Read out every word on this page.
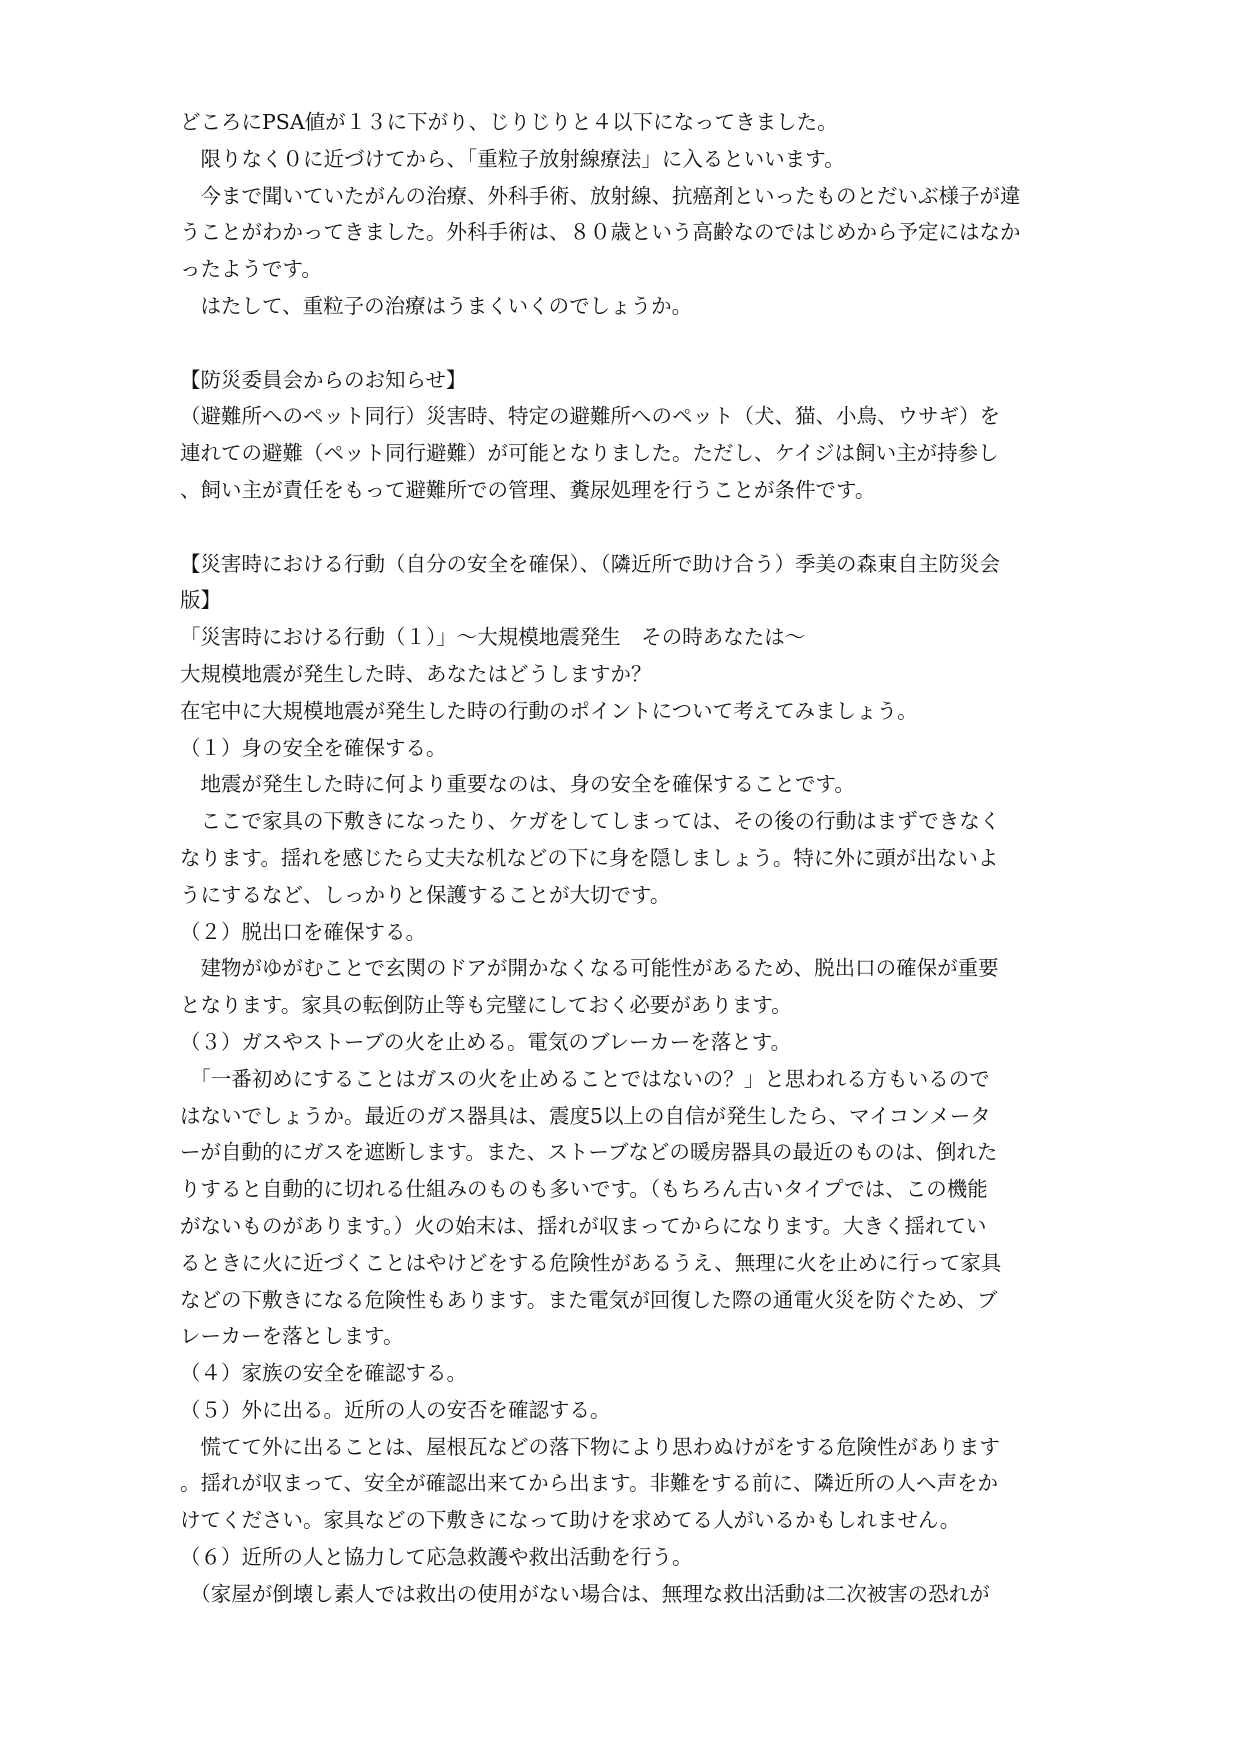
どころにPSA値が１３に下がり、じりじりと４以下になってきました。
　限りなく０に近づけてから、「重粒子放射線療法」に入るといいます。
　今まで聞いていたがんの治療、外科手術、放射線、抗癌剤といったものとだいぶ様子が違
うことがわかってきました。外科手術は、８０歳という高齢なのではじめから予定にはなか
ったようです。
　はたして、重粒子の治療はうまくいくのでしょうか。
【防災委員会からのお知らせ】
（避難所へのペット同行）災害時、特定の避難所へのペット（犬、猫、小鳥、ウサギ）を
連れての避難（ペット同行避難）が可能となりました。ただし、ケイジは飼い主が持参し
、飼い主が責任をもって避難所での管理、糞尿処理を行うことが条件です。
【災害時における行動（自分の安全を確保）、（隣近所で助け合う）季美の森東自主防災会
版】
「災害時における行動（１）」～大規模地震発生　その時あなたは～
大規模地震が発生した時、あなたはどうしますか？
在宅中に大規模地震が発生した時の行動のポイントについて考えてみましょう。
（１）身の安全を確保する。
　地震が発生した時に何より重要なのは、身の安全を確保することです。
　ここで家具の下敷きになったり、ケガをしてしまっては、その後の行動はまずできなく
なります。揺れを感じたら丈夫な机などの下に身を隠しましょう。特に外に頭が出ないよ
うにするなど、しっかりと保護することが大切です。
（２）脱出口を確保する。
　建物がゆがむことで玄関のドアが開かなくなる可能性があるため、脱出口の確保が重要
となります。家具の転倒防止等も完璧にしておく必要があります。
（３）ガスやストーブの火を止める。電気のブレーカーを落とす。
　「一番初めにすることはガスの火を止めることではないの？」と思われる方もいるので
はないでしょうか。最近のガス器具は、震度5以上の自信が発生したら、マイコンメータ
ーが自動的にガスを遮断します。また、ストーブなどの暖房器具の最近のものは、倒れた
りすると自動的に切れる仕組みのものも多いです。（もちろん古いタイプでは、この機能
がないものがあります。）火の始末は、揺れが収まってからになります。大きく揺れてい
るときに火に近づくことはやけどをする危険性があるうえ、無理に火を止めに行って家具
などの下敷きになる危険性もあります。また電気が回復した際の通電火災を防ぐため、ブ
レーカーを落とします。
（４）家族の安全を確認する。
（５）外に出る。近所の人の安否を確認する。
　慌てて外に出ることは、屋根瓦などの落下物により思わぬけがをする危険性があります
。揺れが収まって、安全が確認出来てから出ます。非難をする前に、隣近所の人へ声をか
けてください。家具などの下敷きになって助けを求めてる人がいるかもしれません。
（６）近所の人と協力して応急救護や救出活動を行う。
　（家屋が倒壊し素人では救出の使用がない場合は、無理な救出活動は二次被害の恐れが
